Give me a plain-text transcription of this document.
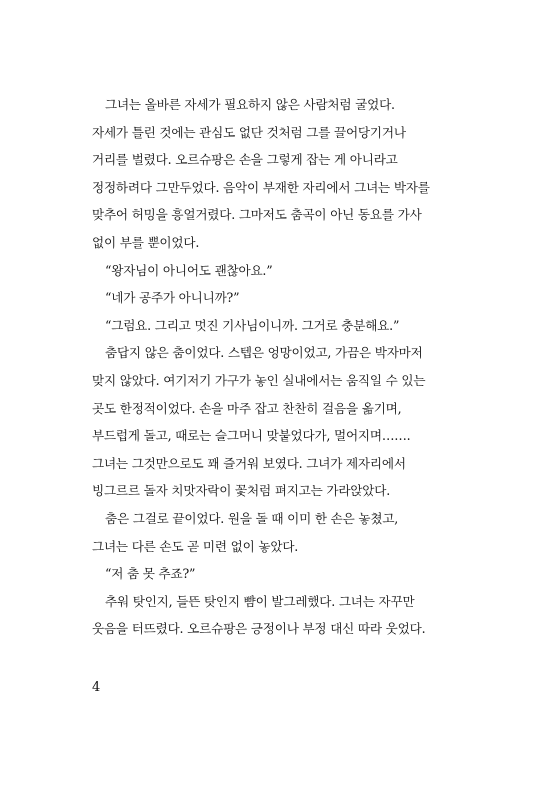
그녀는 올바른 자세가 필요하지 않은 사람처럼 굴었다.
자세가 틀린 것에는 관심도 없단 것처럼 그를 끌어당기거나
거리를 벌렸다. 오르슈팡은 손을 그렇게 잡는 게 아니라고
정정하려다 그만두었다. 음악이 부재한 자리에서 그녀는 박자를
맞추어 허밍을 흥얼거렸다. 그마저도 춤곡이 아닌 동요를 가사
없이 부를 뿐이었다.
“왕자님이 아니어도 괜찮아요.”
“네가 공주가 아니니까?”
“그럼요. 그리고 멋진 기사님이니까. 그거로 충분해요.”
춤답지 않은 춤이었다. 스텝은 엉망이었고, 가끔은 박자마저
맞지 않았다. 여기저기 가구가 놓인 실내에서는 움직일 수 있는
곳도 한정적이었다. 손을 마주 잡고 찬찬히 걸음을 옮기며,
부드럽게 돌고, 때로는 슬그머니 맞붙었다가, 멀어지며…….
그녀는 그것만으로도 꽤 즐거워 보였다. 그녀가 제자리에서
빙그르르 돌자 치맛자락이 꽃처럼 펴지고는 가라앉았다.
춤은 그걸로 끝이었다. 원을 돌 때 이미 한 손은 놓쳤고,
그녀는 다른 손도 곧 미련 없이 놓았다.
“저 춤 못 추죠?”
추워 탓인지, 들뜬 탓인지 뺨이 발그레했다. 그녀는 자꾸만
웃음을 터뜨렸다. 오르슈팡은 긍정이나 부정 대신 따라 웃었다.
4
